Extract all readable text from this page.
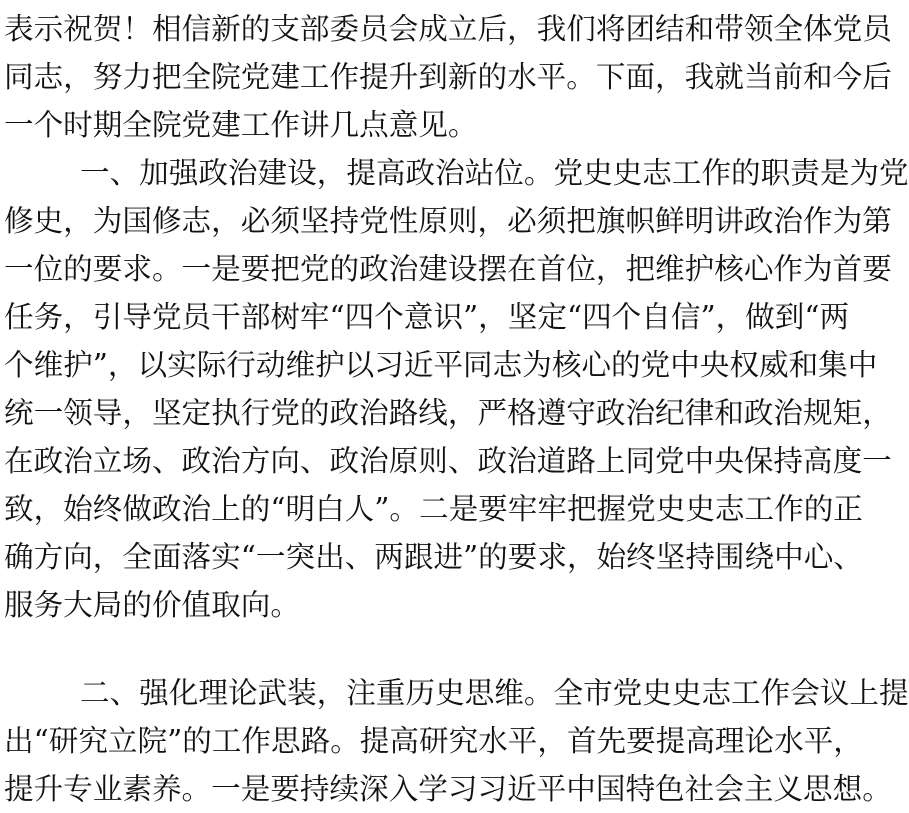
表示祝贺！相信新的支部委员会成立后，我们将团结和带领全体党员
同志，努力把全院党建工作提升到新的水平。下面，我就当前和今后
一个时期全院党建工作讲几点意见。
一、加强政治建设，提高政治站位。党史史志工作的职责是为党
修史，为国修志，必须坚持党性原则，必须把旗帜鲜明讲政治作为第
一位的要求。一是要把党的政治建设摆在首位，把维护核心作为首要
任务，引导党员干部树牢“四个意识”，坚定“四个自信”，做到“两
个维护”，以实际行动维护以习近平同志为核心的党中央权威和集中
统一领导，坚定执行党的政治路线，严格遵守政治纪律和政治规矩，
在政治立场、政治方向、政治原则、政治道路上同党中央保持高度一
致，始终做政治上的“明白人”。二是要牢牢把握党史史志工作的正
确方向，全面落实“一突出、两跟进”的要求，始终坚持围绕中心、
服务大局的价值取向。
二、强化理论武装，注重历史思维。全市党史史志工作会议上提
出“研究立院”的工作思路。提高研究水平，首先要提高理论水平，
提升专业素养。一是要持续深入学习习近平中国特色社会主义思想。
